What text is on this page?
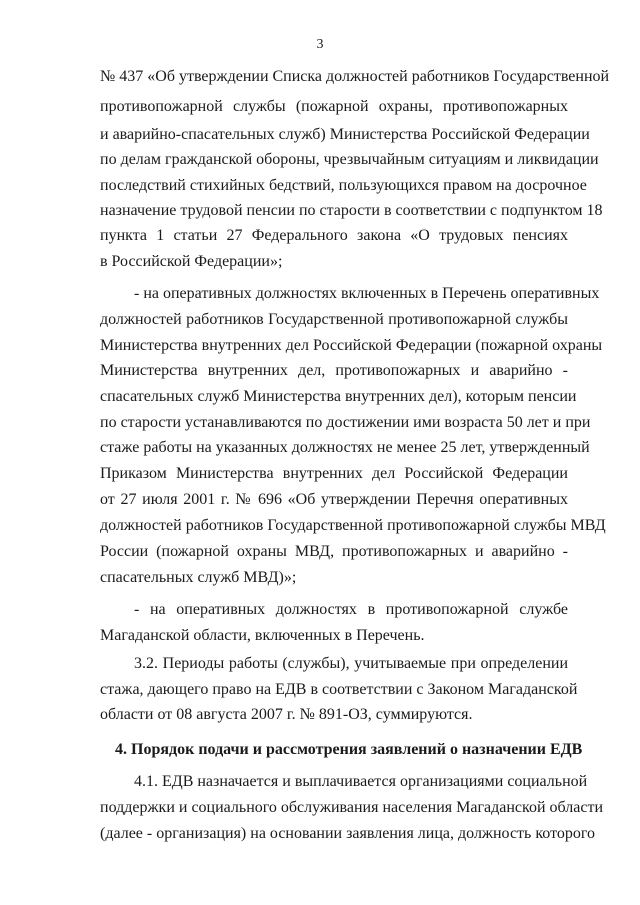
3
№ 437 «Об утверждении Списка должностей работников Государственной
противопожарной службы (пожарной охраны, противопожарных
и аварийно-спасательных служб) Министерства Российской Федерации
по делам гражданской обороны, чрезвычайным ситуациям и ликвидации
последствий стихийных бедствий, пользующихся правом на досрочное
назначение трудовой пенсии по старости в соответствии с подпунктом 18
пункта 1 статьи 27 Федерального закона «О трудовых пенсиях
в Российской Федерации»;
- на оперативных должностях включенных в Перечень оперативных
должностей работников Государственной противопожарной службы
Министерства внутренних дел Российской Федерации (пожарной охраны
Министерства внутренних дел, противопожарных и аварийно -
спасательных служб Министерства внутренних дел), которым пенсии
по старости устанавливаются по достижении ими возраста 50 лет и при
стаже работы на указанных должностях не менее 25 лет, утвержденный
Приказом Министерства внутренних дел Российской Федерации
от 27 июля 2001 г. № 696 «Об утверждении Перечня оперативных
должностей работников Государственной противопожарной службы МВД
России (пожарной охраны МВД, противопожарных и аварийно -
спасательных служб МВД)»;
- на оперативных должностях в противопожарной службе
Магаданской области, включенных в Перечень.
3.2. Периоды работы (службы), учитываемые при определении
стажа, дающего право на ЕДВ в соответствии с Законом Магаданской
области от 08 августа 2007 г. № 891-ОЗ, суммируются.
4. Порядок подачи и рассмотрения заявлений о назначении ЕДВ
4.1. ЕДВ назначается и выплачивается организациями социальной
поддержки и социального обслуживания населения Магаданской области
(далее - организация) на основании заявления лица, должность которого
